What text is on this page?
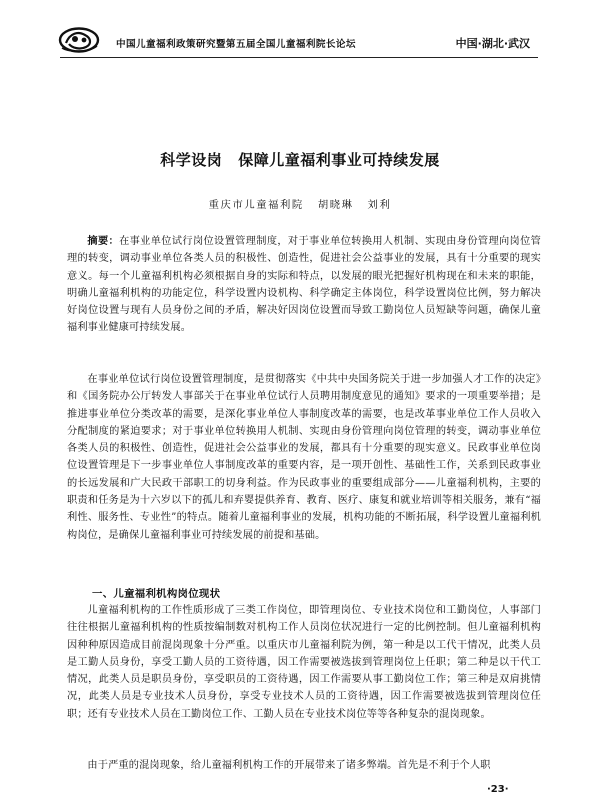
中国儿童福利政策研究暨第五届全国儿童福利院长论坛	中国·湖北·武汉
科学设岗 保障儿童福利事业可持续发展
重庆市儿童福利院 胡晓琳 刘利

摘要：在事业单位试行岗位设置管理制度，对于事业单位转换用人机制、实现由身份管理向岗位管理的转变，调动事业单位各类人员的积极性、创造性，促进社会公益事业的发展，具有十分重要的现实意义。每一个儿童福利机构必须根据自身的实际和特点，以发展的眼光把握好机构现在和未来的职能，明确儿童福利机构的功能定位，科学设置内设机构、科学确定主体岗位，科学设置岗位比例，努力解决好岗位设置与现有人员身份之间的矛盾，解决好因岗位设置而导致工勤岗位人员短缺等问题，确保儿童福利事业健康可持续发展。

在事业单位试行岗位设置管理制度，是贯彻落实《中共中央国务院关于进一步加强人才工作的决定》和《国务院办公厅转发人事部关于在事业单位试行人员聘用制度意见的通知》要求的一项重要举措；是推进事业单位分类改革的需要，是深化事业单位人事制度改革的需要，也是改革事业单位工作人员收入分配制度的紧迫要求；对于事业单位转换用人机制、实现由身份管理向岗位管理的转变，调动事业单位各类人员的积极性、创造性，促进社会公益事业的发展，都具有十分重要的现实意义。民政事业单位岗位设置管理是下一步事业单位人事制度改革的重要内容，是一项开创性、基础性工作，关系到民政事业的长远发展和广大民政干部职工的切身利益。作为民政事业的重要组成部分——儿童福利机构，主要的职责和任务是为十六岁以下的孤儿和弃婴提供养育、教育、医疗、康复和就业培训等相关服务，兼有“福利性、服务性、专业性”的特点。随着儿童福利事业的发展，机构功能的不断拓展，科学设置儿童福利机构岗位，是确保儿童福利事业可持续发展的前提和基础。

一、儿童福利机构岗位现状

儿童福利机构的工作性质形成了三类工作岗位，即管理岗位、专业技术岗位和工勤岗位，人事部门往往根据儿童福利机构的性质按编制数对机构工作人员岗位状况进行一定的比例控制。但儿童福利机构因种种原因造成目前混岗现象十分严重。以重庆市儿童福利院为例，第一种是以工代干情况，此类人员是工勤人员身份，享受工勤人员的工资待遇，因工作需要被选拔到管理岗位上任职；第二种是以干代工情况，此类人员是职员身份，享受职员的工资待遇，因工作需要从事工勤岗位工作；第三种是双肩挑情况，此类人员是专业技术人员身份，享受专业技术人员的工资待遇，因工作需要被选拔到管理岗位任职；还有专业技术人员在工勤岗位工作、工勤人员在专业技术岗位等等各种复杂的混岗现象。

由于严重的混岗现象，给儿童福利机构工作的开展带来了诸多弊端。首先是不利于个人职

·23·
